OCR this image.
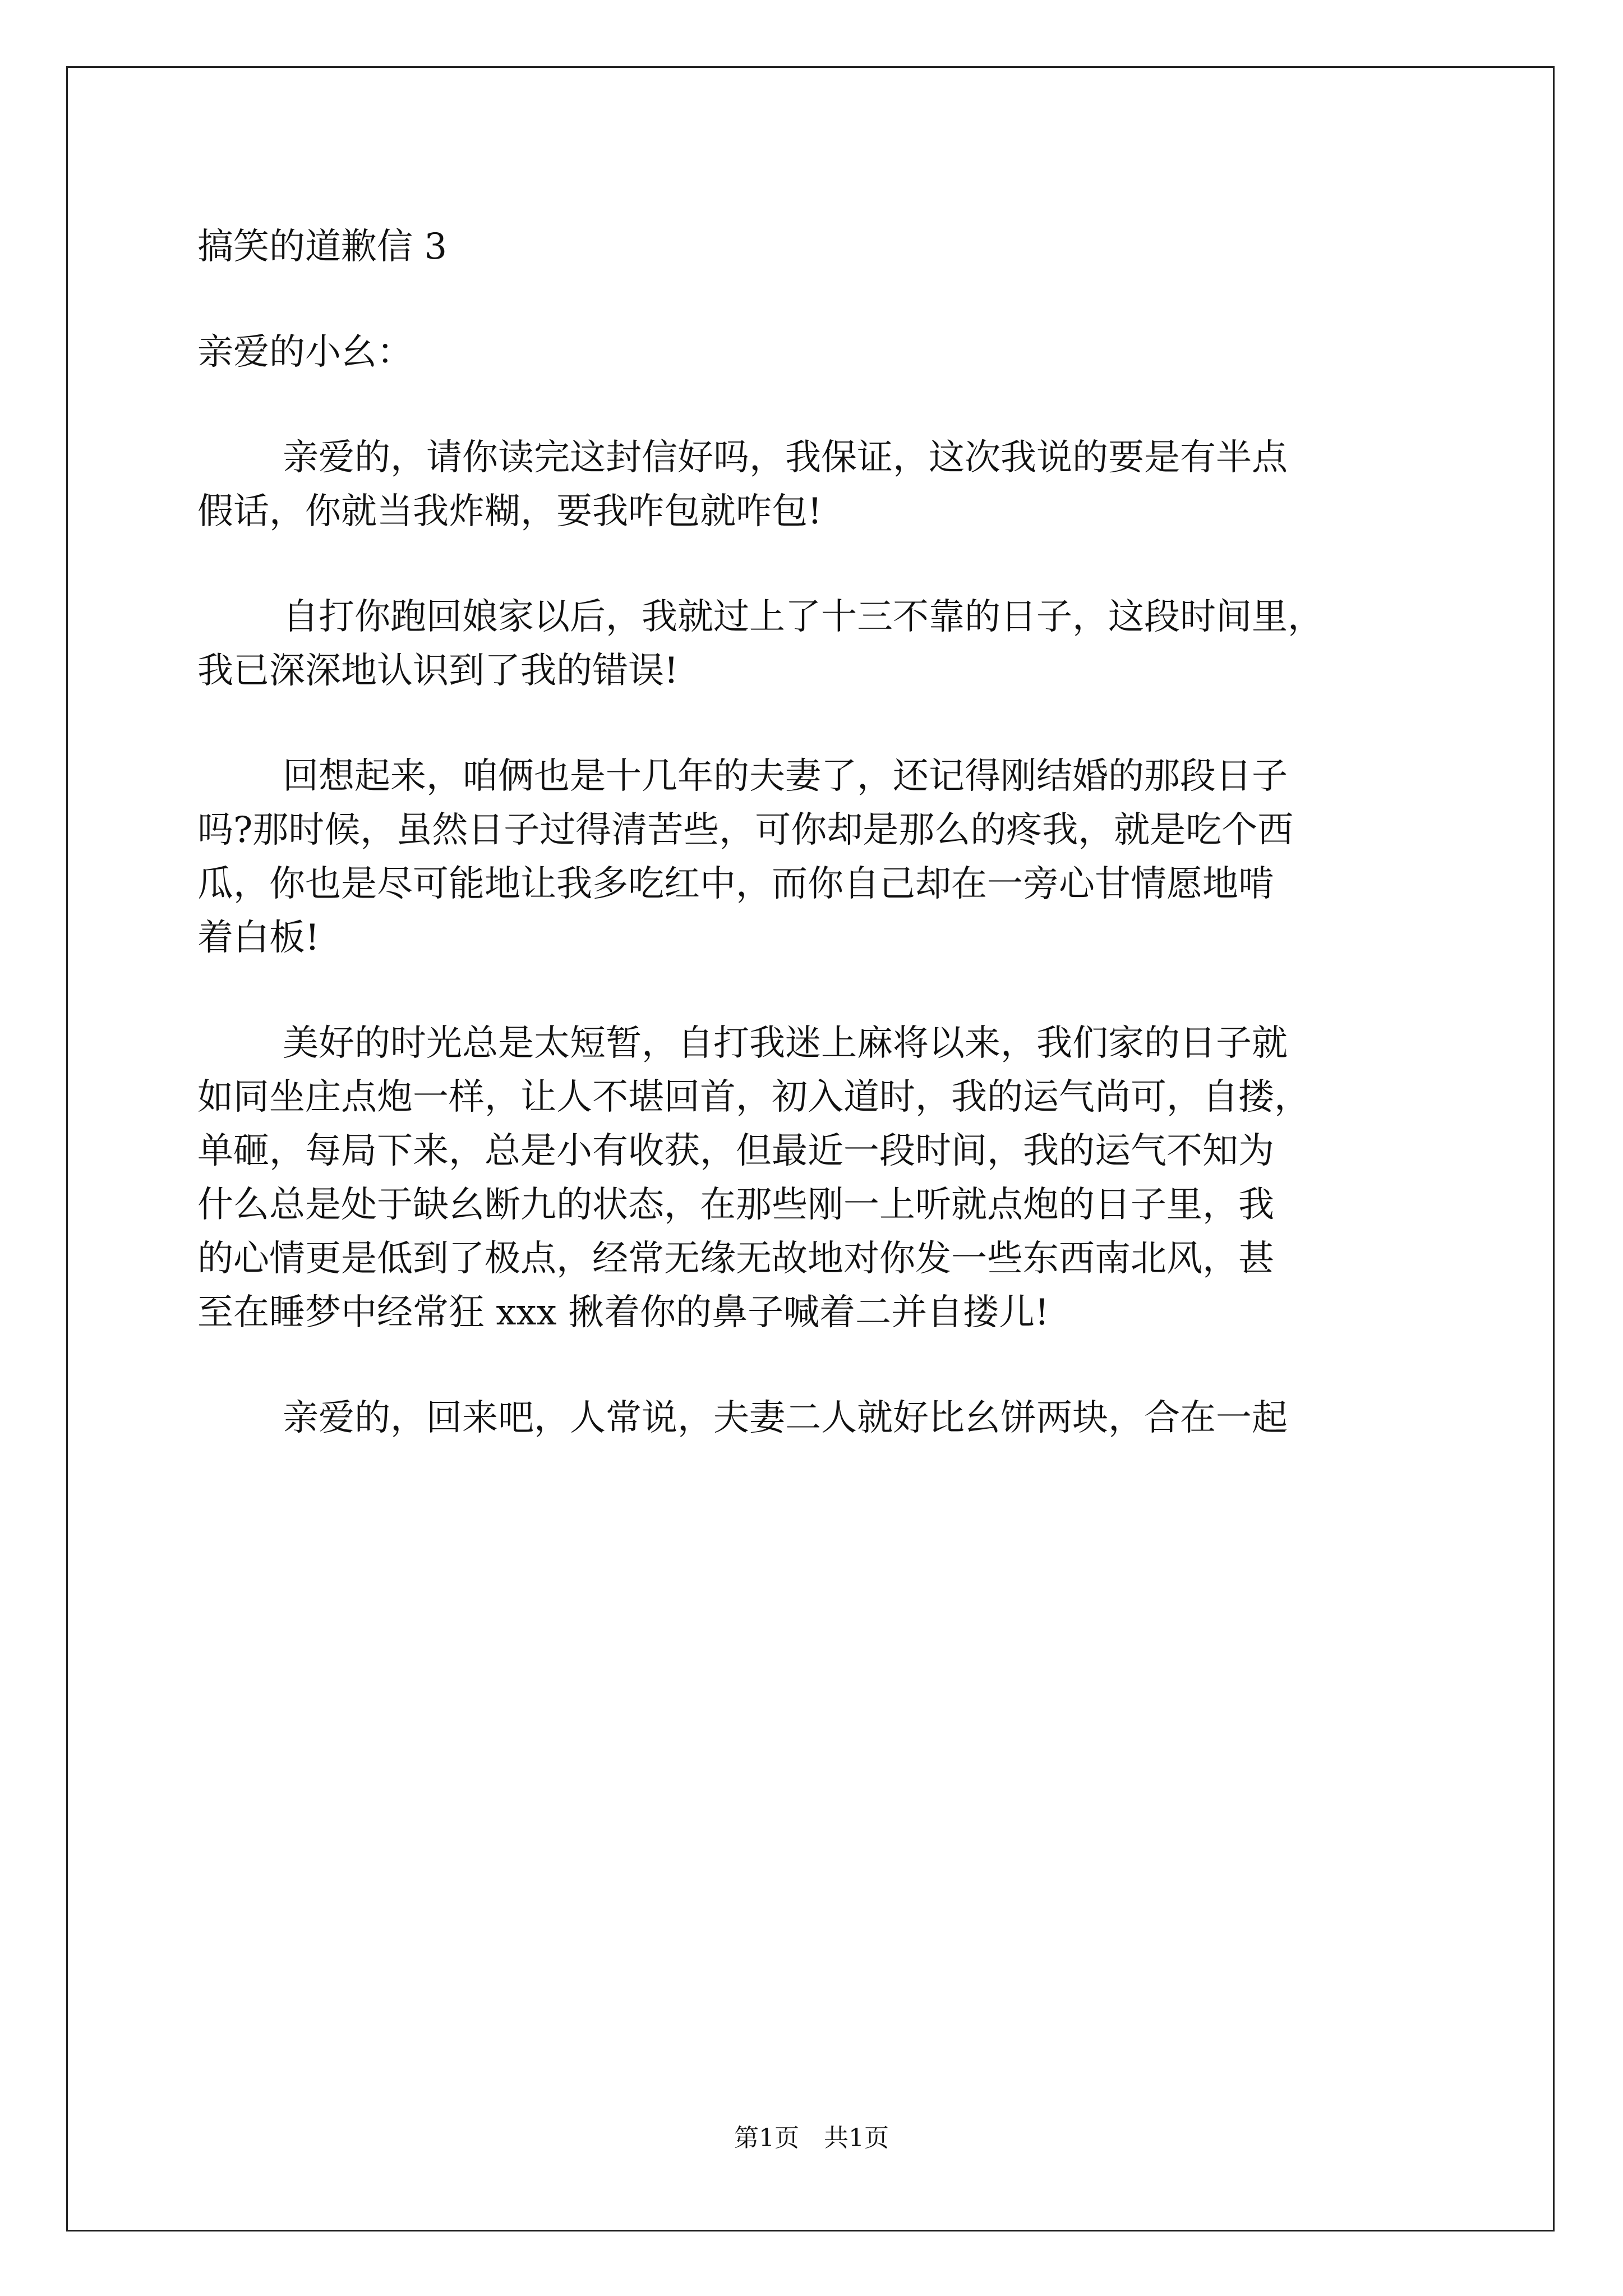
搞笑的道歉信 3
亲爱的小幺：
亲爱的，请你读完这封信好吗，我保证，这次我说的要是有半点
假话，你就当我炸糊，要我咋包就咋包!
自打你跑回娘家以后，我就过上了十三不靠的日子，这段时间里，
我已深深地认识到了我的错误!
回想起来，咱俩也是十几年的夫妻了，还记得刚结婚的那段日子
吗?那时候，虽然日子过得清苦些，可你却是那么的疼我，就是吃个西
瓜，你也是尽可能地让我多吃红中，而你自己却在一旁心甘情愿地啃
着白板!
美好的时光总是太短暂，自打我迷上麻将以来，我们家的日子就
如同坐庄点炮一样，让人不堪回首，初入道时，我的运气尚可，自搂，
单砸，每局下来，总是小有收获，但最近一段时间，我的运气不知为
什么总是处于缺幺断九的状态，在那些刚一上听就点炮的日子里，我
的心情更是低到了极点，经常无缘无故地对你发一些东西南北风，甚
至在睡梦中经常狂 xxx 揪着你的鼻子喊着二并自搂儿!
亲爱的，回来吧，人常说，夫妻二人就好比幺饼两块，合在一起
第1页 共1页
